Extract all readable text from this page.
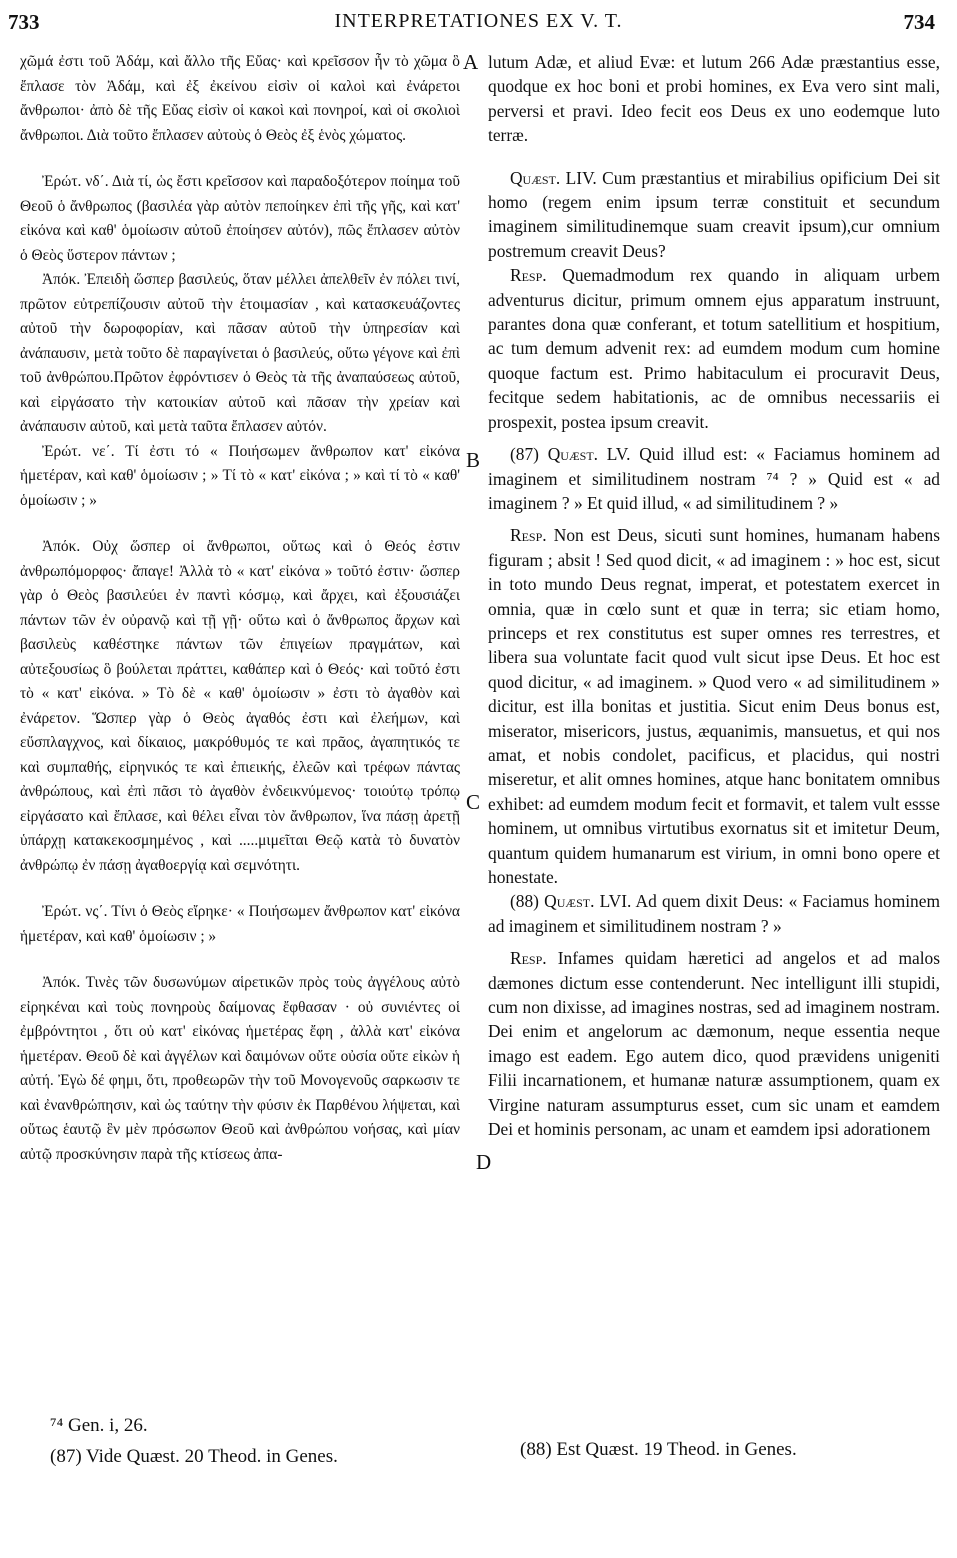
733	INTERPRETATIONES EX V. T.	734

χῶμά ἐστι τοῦ Ἀδάμ, καὶ ἄλλο τῆς Εὔας· καὶ κρεῖσσον ἦν τὸ χῶμα ὃ ἔπλασε τὸν Ἀδάμ, καὶ ἐξ ἐκείνου εἰσὶν οἱ καλοὶ καὶ ἐνάρετοι ἄνθρωποι· ἀπὸ δὲ τῆς Εὔας εἰσὶν οἱ κακοὶ καὶ πονηροί, καὶ οἱ σκολιοὶ ἄνθρωποι. Διὰ τοῦτο ἔπλασεν αὐτοὺς ὁ Θεὸς ἐξ ἑνὸς χώματος.

Ἐρώτ. νδ΄. Διὰ τί, ὡς ἔστι κρεῖσσον καὶ παραδοξότερον ποίημα τοῦ Θεοῦ ὁ ἄνθρωπος (βασιλέα γὰρ αὐτὸν πεποίηκεν ἐπὶ τῆς γῆς, καὶ κατ' εἰκόνα καὶ καθ' ὁμοίωσιν αὐτοῦ ἐποίησεν αὐτόν), πῶς ἔπλασεν αὐτὸν ὁ Θεὸς ὕστερον πάντων ;

Ἀπόκ. Ἐπειδὴ ὥσπερ βασιλεύς, ὅταν μέλλει ἀπελθεῖν ἐν πόλει τινί, πρῶτον εὐτρεπίζουσιν αὐτοῦ τὴν ἑτοιμασίαν , καὶ κατασκευάζοντες αὐτοῦ τὴν δωροφορίαν, καὶ πᾶσαν αὐτοῦ τὴν ὑπηρεσίαν καὶ ἀνάπαυσιν, μετὰ τοῦτο δὲ παραγίνεται ὁ βασιλεύς, οὕτω γέγονε καὶ ἐπὶ τοῦ ἀνθρώπου.Πρῶτον ἐφρόντισεν ὁ Θεὸς τὰ τῆς ἀναπαύσεως αὐτοῦ, καὶ εἰργάσατο τὴν κατοικίαν αὐτοῦ καὶ πᾶσαν τὴν χρείαν καὶ ἀνάπαυσιν αὐτοῦ, καὶ μετὰ ταῦτα ἔπλασεν αὐτόν.

Ἐρώτ. νε΄. Τί ἐστι τό « Ποιήσωμεν ἄνθρωπον κατ' εἰκόνα ἡμετέραν, καὶ καθ' ὁμοίωσιν ; » Τί τὸ « κατ' εἰκόνα ; » καὶ τί τὸ « καθ' ὁμοίωσιν ; »

Ἀπόκ. Οὐχ ὥσπερ οἱ ἄνθρωποι, οὕτως καὶ ὁ Θεός ἐστιν ἀνθρωπόμορφος· ἄπαγε! Ἀλλὰ τὸ « κατ' εἰκόνα » τοῦτό ἐστιν· ὥσπερ γὰρ ὁ Θεὸς βασιλεύει ἐν παντὶ κόσμῳ, καὶ ἄρχει, καὶ ἐξουσιάζει πάντων τῶν ἐν οὐρανῷ καὶ τῇ γῇ· οὕτω καὶ ὁ ἄνθρωπος ἄρχων καὶ βασιλεὺς καθέστηκε πάντων τῶν ἐπιγείων πραγμάτων, καὶ αὐτεξουσίως ὃ βούλεται πράττει, καθάπερ καὶ ὁ Θεός· καὶ τοῦτό ἐστι τὸ « κατ' εἰκόνα. » Τὸ δὲ « καθ' ὁμοίωσιν » ἐστι τὸ ἀγαθὸν καὶ ἐνάρετον. Ὥσπερ γὰρ ὁ Θεὸς ἀγαθός ἐστι καὶ ἐλεήμων, καὶ εὔσπλαγχνος, καὶ δίκαιος, μακρόθυμός τε καὶ πρᾶος, ἀγαπητικός τε καὶ συμπαθής, εἰρηνικός τε καὶ ἐπιεικής, ἐλεῶν καὶ τρέφων πάντας ἀνθρώπους, καὶ ἐπὶ πᾶσι τὸ ἀγαθὸν ἐνδεικνύμενος· τοιούτῳ τρόπῳ εἰργάσατο καὶ ἔπλασε, καὶ θέλει εἶναι τὸν ἄνθρωπον, ἵνα πάσῃ ἀρετῇ ὑπάρχῃ κατακεκοσμημένος , καὶ .....μιμεῖται Θεῷ κατὰ τὸ δυνατὸν ἀνθρώπῳ ἐν πάσῃ ἀγαθοεργίᾳ καὶ σεμνότητι.

Ἐρώτ. νς΄. Τίνι ὁ Θεὸς εἴρηκε· « Ποιήσωμεν ἄνθρωπον κατ' εἰκόνα ἡμετέραν, καὶ καθ' ὁμοίωσιν ; »

Ἀπόκ. Τινὲς τῶν δυσωνύμων αἱρετικῶν πρὸς τοὺς ἀγγέλους αὐτὸ εἰρηκέναι καὶ τοὺς πονηροὺς δαίμονας ἔφθασαν · οὐ συνιέντες οἱ ἐμβρόντητοι , ὅτι οὐ κατ' εἰκόνας ἡμετέρας ἔφη , ἀλλὰ κατ' εἰκόνα ἡμετέραν. Θεοῦ δὲ καὶ ἀγγέλων καὶ δαιμόνων οὔτε οὐσία οὔτε εἰκὼν ἡ αὐτή. Ἐγὼ δέ φημι, ὅτι, προθεωρῶν τὴν τοῦ Μονογενοῦς σαρκωσιν τε καὶ ἐνανθρώπησιν, καὶ ὡς ταύτην τὴν φύσιν ἐκ Παρθένου λήψεται, καὶ οὕτως ἑαυτῷ ἓν μὲν πρόσωπον Θεοῦ καὶ ἀνθρώπου νοήσας, καὶ μίαν αὐτῷ προσκύνησιν παρὰ τῆς κτίσεως ἀπα-

A
B
C
D

lutum Adæ, et aliud Evæ: et lutum 266 Adæ præstantius esse, quodque ex hoc boni et probi homines, ex Eva vero sint mali, perversi et pravi. Ideo fecit eos Deus ex uno eodemque luto terræ.

Quæst. LIV. Cum præstantius et mirabilius opificium Dei sit homo (regem enim ipsum terræ constituit et secundum imaginem similitudinemque suam creavit ipsum),cur omnium postremum creavit Deus?

Resp. Quemadmodum rex quando in aliquam urbem adventurus dicitur, primum omnem ejus apparatum instruunt, parantes dona quæ conferant, et totum satellitium et hospitium, ac tum demum advenit rex: ad eumdem modum cum homine quoque factum est. Primo habitaculum ei procuravit Deus, fecitque sedem habitationis, ac de omnibus necessariis ei prospexit, postea ipsum creavit.

(87) Quæst. LV. Quid illud est: « Faciamus hominem ad imaginem et similitudinem nostram ⁷⁴ ? » Quid est « ad imaginem ? » Et quid illud, « ad similitudinem ? »

Resp. Non est Deus, sicuti sunt homines, humanam habens figuram ; absit ! Sed quod dicit, « ad imaginem : » hoc est, sicut in toto mundo Deus regnat, imperat, et potestatem exercet in omnia, quæ in cœlo sunt et quæ in terra; sic etiam homo, princeps et rex constitutus est super omnes res terrestres, et libera sua voluntate facit quod vult sicut ipse Deus. Et hoc est quod dicitur, « ad imaginem. » Quod vero « ad similitudinem » dicitur, est illa bonitas et justitia. Sicut enim Deus bonus est, miserator, misericors, justus, æquanimis, mansuetus, et qui nos amat, et nobis condolet, pacificus, et placidus, qui nostri miseretur, et alit omnes homines, atque hanc bonitatem omnibus exhibet: ad eumdem modum fecit et formavit, et talem vult essse hominem, ut omnibus virtutibus exornatus sit et imitetur Deum, quantum quidem humanarum est virium, in omni bono opere et honestate.

(88) Quæst. LVI. Ad quem dixit Deus: « Faciamus hominem ad imaginem et similitudinem nostram ? »

Resp. Infames quidam hæretici ad angelos et ad malos dæmones dictum esse contenderunt. Nec intelligunt illi stupidi, cum non dixisse, ad imagines nostras, sed ad imaginem nostram. Dei enim et angelorum ac dæmonum, neque essentia neque imago est eadem. Ego autem dico, quod prævidens unigeniti Filii incarnationem, et humanæ naturæ assumptionem, quam ex Virgine naturam assumpturus esset, cum sic unam et eamdem Dei et hominis personam, ac unam et eamdem ipsi adorationem

⁷⁴ Gen. i, 26.
(87) Vide Quæst. 20 Theod. in Genes.	(88) Est Quæst. 19 Theod. in Genes.
